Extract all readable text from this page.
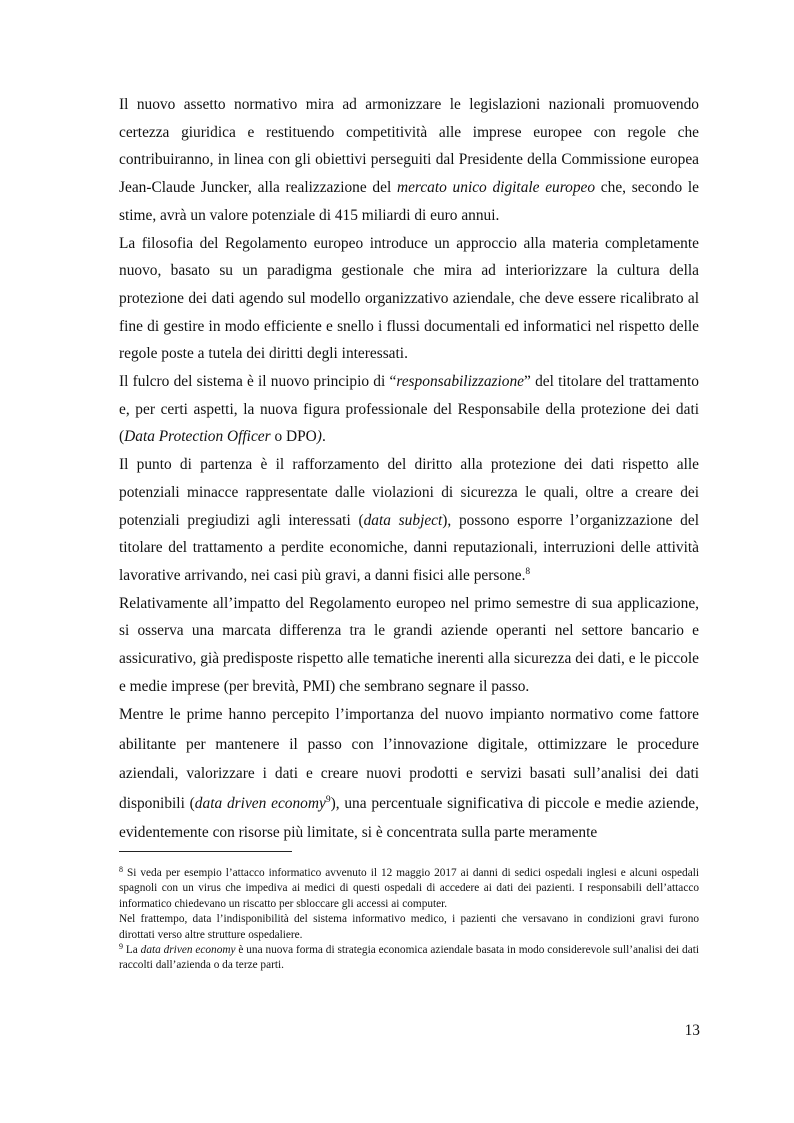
Il nuovo assetto normativo mira ad armonizzare le legislazioni nazionali promuovendo certezza giuridica e restituendo competitività alle imprese europee con regole che contribuiranno, in linea con gli obiettivi perseguiti dal Presidente della Commissione europea Jean-Claude Juncker, alla realizzazione del mercato unico digitale europeo che, secondo le stime, avrà un valore potenziale di 415 miliardi di euro annui.

La filosofia del Regolamento europeo introduce un approccio alla materia completamente nuovo, basato su un paradigma gestionale che mira ad interiorizzare la cultura della protezione dei dati agendo sul modello organizzativo aziendale, che deve essere ricalibrato al fine di gestire in modo efficiente e snello i flussi documentali ed informatici nel rispetto delle regole poste a tutela dei diritti degli interessati.

Il fulcro del sistema è il nuovo principio di “responsabilizzazione” del titolare del trattamento e, per certi aspetti, la nuova figura professionale del Responsabile della protezione dei dati (Data Protection Officer o DPO).

Il punto di partenza è il rafforzamento del diritto alla protezione dei dati rispetto alle potenziali minacce rappresentate dalle violazioni di sicurezza le quali, oltre a creare dei potenziali pregiudizi agli interessati (data subject), possono esporre l’organizzazione del titolare del trattamento a perdite economiche, danni reputazionali, interruzioni delle attività lavorative arrivando, nei casi più gravi, a danni fisici alle persone.$^8$

Relativamente all’impatto del Regolamento europeo nel primo semestre di sua applicazione, si osserva una marcata differenza tra le grandi aziende operanti nel settore bancario e assicurativo, già predisposte rispetto alle tematiche inerenti alla sicurezza dei dati, e le piccole e medie imprese (per brevità, PMI) che sembrano segnare il passo.

Mentre le prime hanno percepito l’importanza del nuovo impianto normativo come fattore abilitante per mantenere il passo con l’innovazione digitale, ottimizzare le procedure aziendali, valorizzare i dati e creare nuovi prodotti e servizi basati sull’analisi dei dati disponibili (data driven economy$^9$), una percentuale significativa di piccole e medie aziende, evidentemente con risorse più limitate, si è concentrata sulla parte meramente

$^8$ Si veda per esempio l’attacco informatico avvenuto il 12 maggio 2017 ai danni di sedici ospedali inglesi e alcuni ospedali spagnoli con un virus che impediva ai medici di questi ospedali di accedere ai dati dei pazienti. I responsabili dell’attacco informatico chiedevano un riscatto per sbloccare gli accessi ai computer.

Nel frattempo, data l’indisponibilità del sistema informativo medico, i pazienti che versavano in condizioni gravi furono dirottati verso altre strutture ospedaliere.

$^9$ La data driven economy è una nuova forma di strategia economica aziendale basata in modo considerevole sull’analisi dei dati raccolti dall’azienda o da terze parti.

13
